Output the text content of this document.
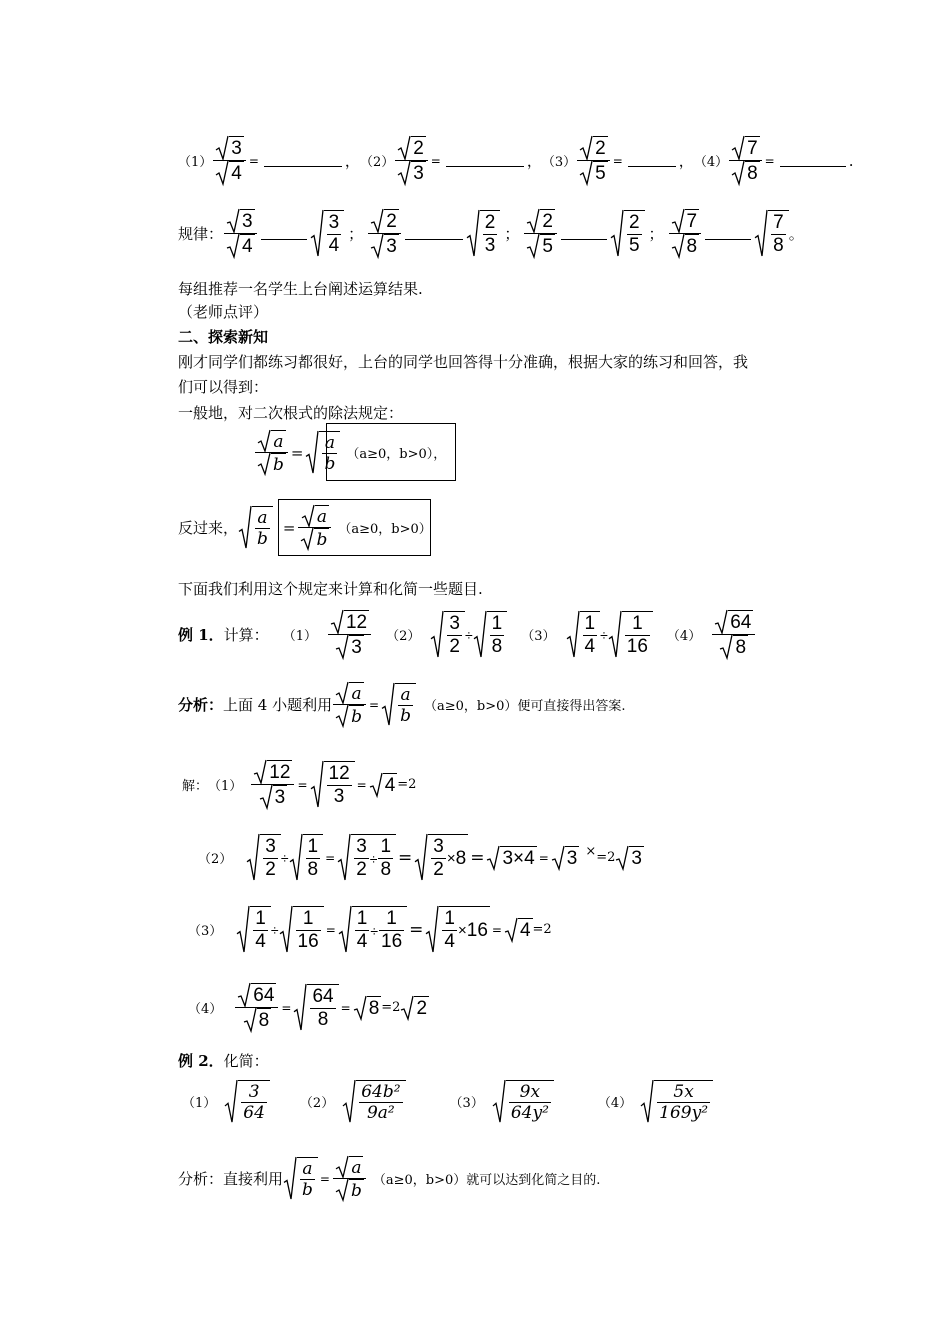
$(1) \frac{3}{4}$ =	， $(2) \frac{2}{3}$ =	， $(3) \frac{2}{5}$ =	， $(4) \frac{7}{8}$ =	.
规律： $\frac{3}{4}$	$\frac{3}{4}$ ； $\frac{2}{3}$	$\frac{2}{3}$ ； $\frac{2}{5}$	$\frac{2}{5}$ ； $\frac{7}{8}$	$\frac{7}{8}$ 。
每组推荐一名学生上台阐述运算结果.
（老师点评）
二、探索新知
刚才同学们都练习都很好，上台的同学也回答得十分准确，根据大家的练习和回答，我
们可以得到：
一般地，对二次根式的除法规定：
$\frac{a}{b} = \frac{a}{b} (a\ge 0$，b>0），
反过来， $\frac{a}{b} = \frac{a}{b} (a\ge 0$，b>0）
下面我们利用这个规定来计算和化简一些题目.
例 1． 计算： $(1) \frac{12}{3} (2) \frac{3}{2} \div \frac{1}{8} (3) \frac{1}{4} \div \frac{1}{16} (4) \frac{64}{8}$
分析： 上面 4 小题利用 $\frac{a}{b} = \frac{a}{b} (a\ge 0$，b>0）便可直接得出答案.
解： $(1) \frac{12}{3} = \frac{12}{3} = 4 =2$
$(2) \frac{3}{2} \div \frac{1}{8} = \frac{3}{2} \div \frac{1}{8} = \frac{3}{2} \times 8 = 3\times 4 = 3 \times =2$ 3
$(3) \frac{1}{4} \div \frac{1}{16} = \frac{1}{4} \div \frac{1}{16} = \frac{1}{4} \times 16 = 4 =2$
$(4) \frac{64}{8} = \frac{64}{8} = 8 =2$ 2
例 2． 化简：
$(1) \frac{3}{64}$	$(2) \frac{\text{64b²}}{\text{9a²}}$	$(3) \frac{9x}{\text{64y²}}$	$(4) \frac{5x}{\text{169y²}}$
分析：直接利用 $\frac{a}{b} = \frac{a}{b} (a\ge 0$，b>0）就可以达到化简之目的.
